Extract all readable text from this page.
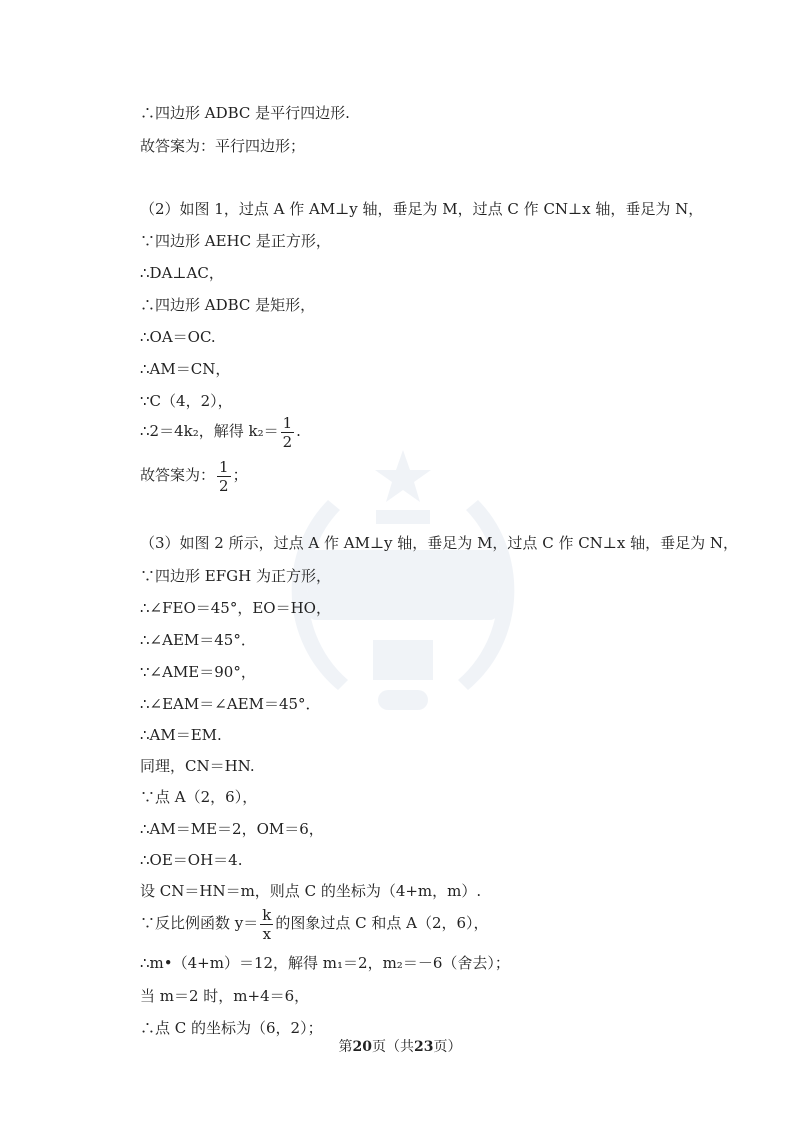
∴四边形 ADBC 是平行四边形.
故答案为：平行四边形；
（2）如图 1，过点 A 作 AM⊥y 轴，垂足为 M，过点 C 作 CN⊥x 轴，垂足为 N，
∵四边形 AEHC 是正方形，
∴DA⊥AC，
∴四边形 ADBC 是矩形，
∴OA＝OC.
∴AM＝CN，
∵C（4，2），
∴2＝4k₂，解得 $k_2= \frac{1}{2}$ .
故答案为： $\frac{1}{2}$ ；
（3）如图 2 所示，过点 A 作 AM⊥y 轴，垂足为 M，过点 C 作 CN⊥x 轴，垂足为 N，
∵四边形 EFGH 为正方形，
∴∠FEO＝45°，EO＝HO，
∴∠AEM＝45°．
∵∠AME＝90°，
∴∠EAM＝∠AEM＝45°．
∴AM＝EM.
同理，CN＝HN.
∵点 A（2，6），
∴AM＝ME＝2，OM＝6，
∴OE＝OH＝4.
设 CN＝HN＝m，则点 C 的坐标为（4+m，m）.
∵反比例函数 $y= \frac{k}{x}$ 的图象过点 C 和点 A（2，6），
∴m•（4+m）＝12，解得 m₁＝2，m₂＝－6（舍去）；
当 m＝2 时，m+4＝6，
∴点 C 的坐标为（6，2）；
第20页（共23页）
